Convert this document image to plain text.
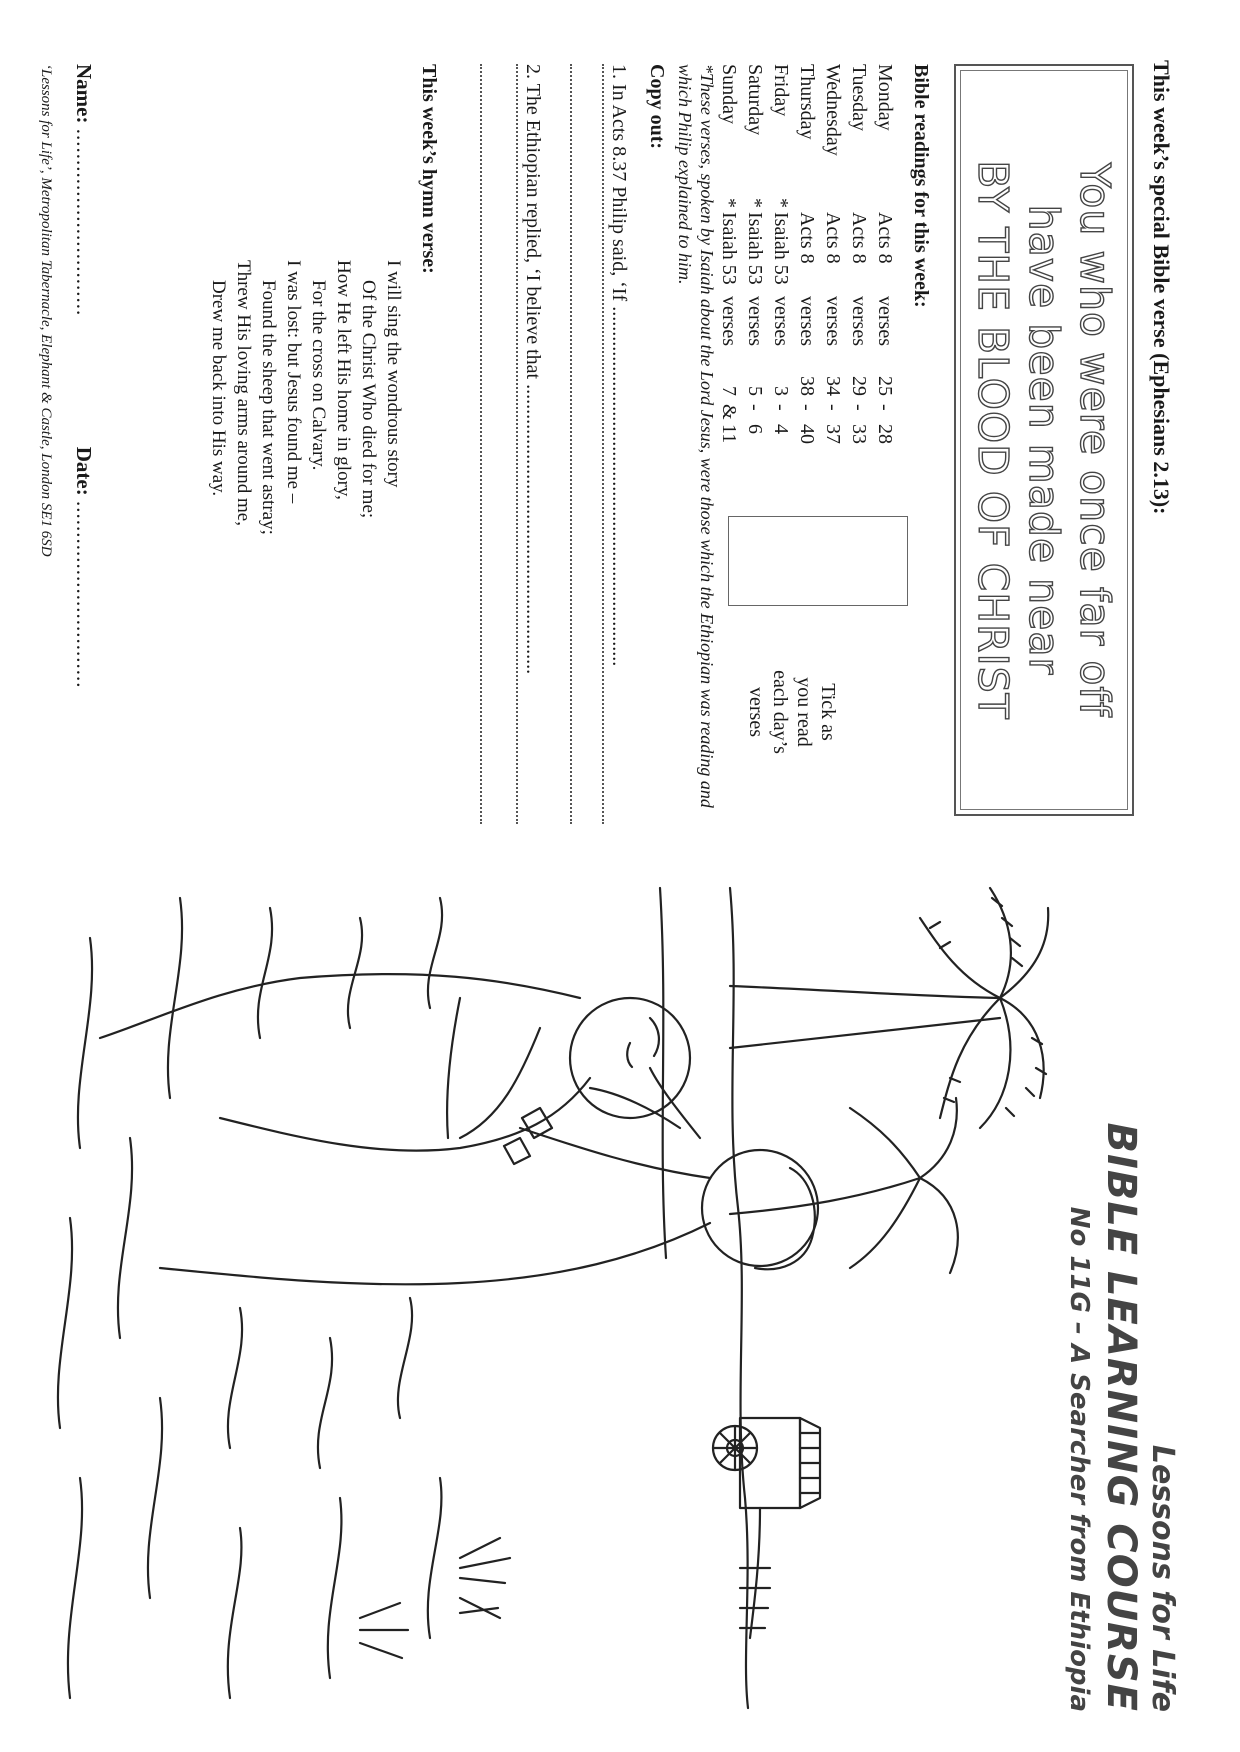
This week’s special Bible verse (Ephesians 2.13):
You who were once far off
have been made near
BY THE BLOOD OF CHRIST
Bible readings for this week:
Monday
Acts 8
verses
25
-
28
Tuesday
Acts 8
verses
29
-
33
Wednesday
Acts 8
verses
34
-
37
Thursday
Acts 8
verses
38
-
40
Friday
*
Isaiah 53
verses
3
-
4
Saturday
*
Isaiah 53
verses
5
-
6
Sunday
*
Isaiah 53
verses
7
&
11
Tick as
you read
each day’s
verses
*These verses, spoken by Isaiah about the Lord Jesus, were those which the Ethiopian was reading and which Philip explained to him.
Copy out:
1. In Acts 8.37 Philip said, ‘If ........................................................................
2. The Ethiopian replied, ‘I believe that ..........................................................
This week’s hymn verse:
I will sing the wondrous story
Of the Christ Who died for me;
How He left His home in glory,
For the cross on Calvary.
I was lost: but Jesus found me –
Found the sheep that went astray;
Threw His loving arms around me,
Drew me back into His way.
Name: ..............................  Date: ..............................
‘Lessons for Life’, Metropolitan Tabernacle, Elephant & Castle, London SE1 6SD
Lessons for Life
BIBLE LEARNING COURSE
No 11G – A Searcher from Ethiopia
